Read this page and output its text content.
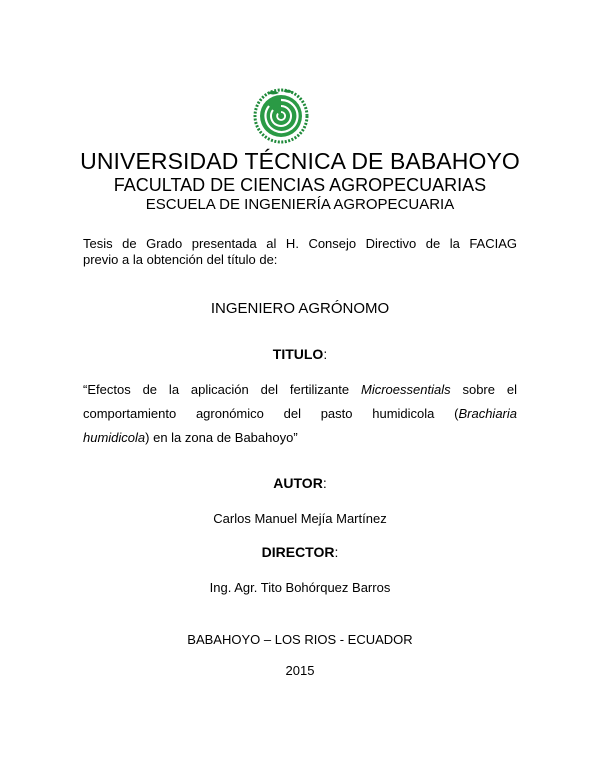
UNIVERSIDAD TÉCNICA DE BABAHOYO
FACULTAD DE CIENCIAS AGROPECUARIAS
ESCUELA DE INGENIERÍA AGROPECUARIA
Tesis de Grado presentada al H. Consejo Directivo de la FACIAG
previo a la obtención del título de:
INGENIERO AGRÓNOMO
TITULO:
“Efectos de la aplicación del fertilizante Microessentials sobre el
comportamiento agronómico del pasto humidicola (Brachiaria
humidicola) en la zona de Babahoyo”
AUTOR:
Carlos Manuel Mejía Martínez
DIRECTOR:
Ing. Agr. Tito Bohórquez Barros
BABAHOYO – LOS RIOS - ECUADOR
2015
